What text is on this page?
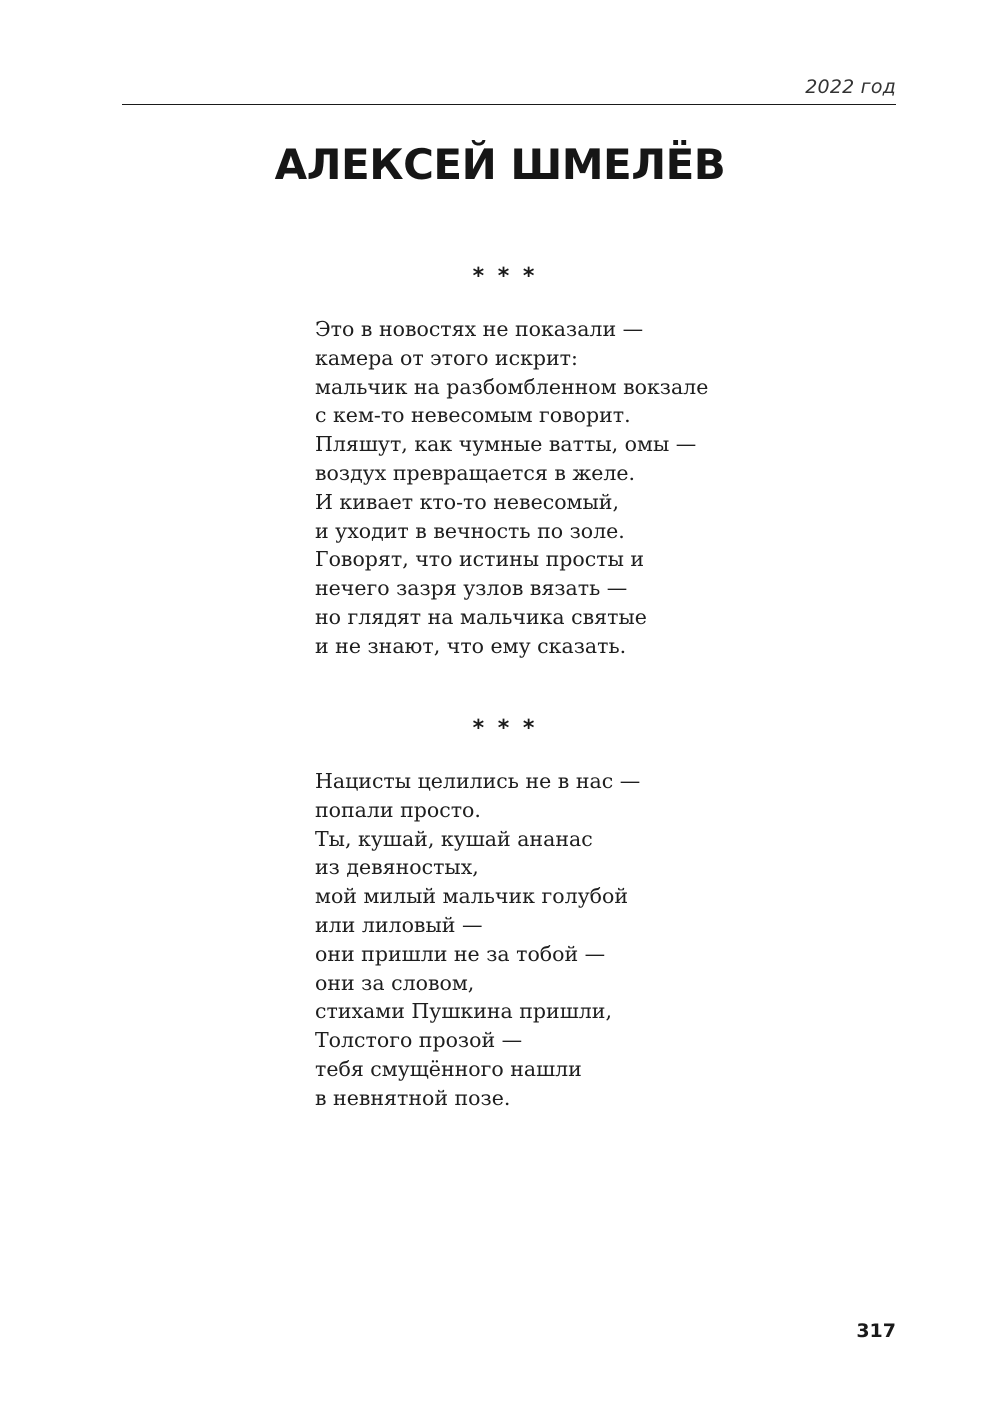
2022 год
АЛЕКСЕЙ ШМЕЛЁВ
* * *
Это в новостях не показали —
камера от этого искрит:
мальчик на разбомбленном вокзале
с кем-то невесомым говорит.
Пляшут, как чумные ватты, омы —
воздух превращается в желе.
И кивает кто-то невесомый,
и уходит в вечность по золе.
Говорят, что истины просты и
нечего зазря узлов вязать —
но глядят на мальчика святые
и не знают, что ему сказать.
* * *
Нацисты целились не в нас —
попали просто.
Ты, кушай, кушай ананас
из девяностых,
мой милый мальчик голубой
или лиловый —
они пришли не за тобой —
они за словом,
стихами Пушкина пришли,
Толстого прозой —
тебя смущённого нашли
в невнятной позе.
317
